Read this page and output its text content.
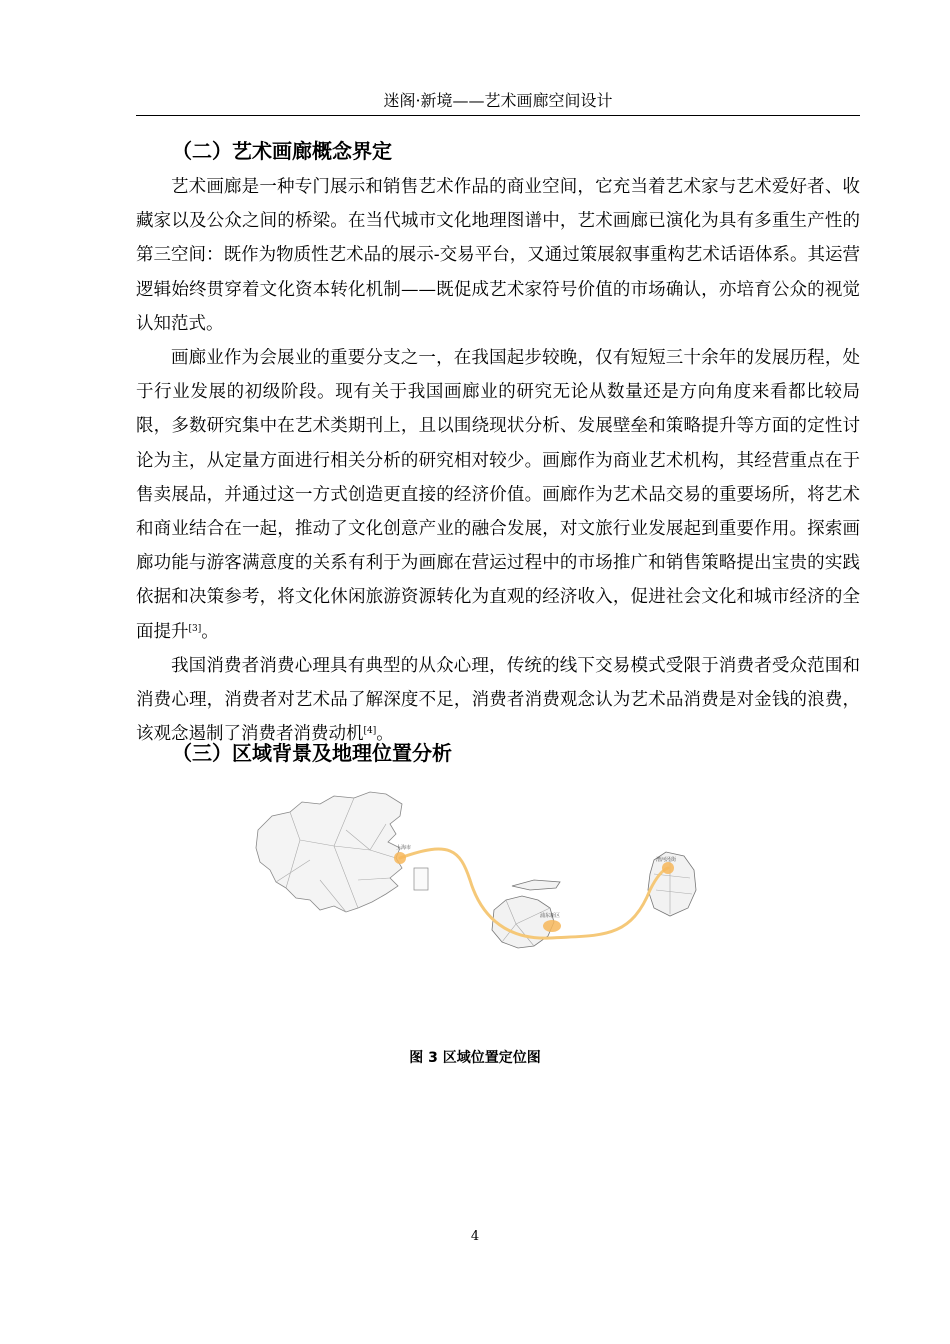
迷阁·新境——艺术画廊空间设计
（二）艺术画廊概念界定

艺术画廊是一种专门展示和销售艺术作品的商业空间，它充当着艺术家与艺术爱好者、收藏家以及公众之间的桥梁。在当代城市文化地理图谱中，艺术画廊已演化为具有多重生产性的第三空间：既作为物质性艺术品的展示-交易平台，又通过策展叙事重构艺术话语体系。其运营逻辑始终贯穿着文化资本转化机制——既促成艺术家符号价值的市场确认，亦培育公众的视觉认知范式。

画廊业作为会展业的重要分支之一，在我国起步较晚，仅有短短三十余年的发展历程，处于行业发展的初级阶段。现有关于我国画廊业的研究无论从数量还是方向角度来看都比较局限，多数研究集中在艺术类期刊上，且以围绕现状分析、发展壁垒和策略提升等方面的定性讨论为主，从定量方面进行相关分析的研究相对较少。画廊作为商业艺术机构，其经营重点在于售卖展品，并通过这一方式创造更直接的经济价值。画廊作为艺术品交易的重要场所，将艺术和商业结合在一起，推动了文化创意产业的融合发展，对文旅行业发展起到重要作用。探索画廊功能与游客满意度的关系有利于为画廊在营运过程中的市场推广和销售策略提出宝贵的实践依据和决策参考，将文化休闲旅游资源转化为直观的经济收入，促进社会文化和城市经济的全面提升[3]。

我国消费者消费心理具有典型的从众心理，传统的线下交易模式受限于消费者受众范围和消费心理，消费者对艺术品了解深度不足，消费者消费观念认为艺术品消费是对金钱的浪费，该观念遏制了消费者消费动机[4]。

（三）区域背景及地理位置分析
上海市
浦东新区
漕河泾街
图 3 区域位置定位图
4
